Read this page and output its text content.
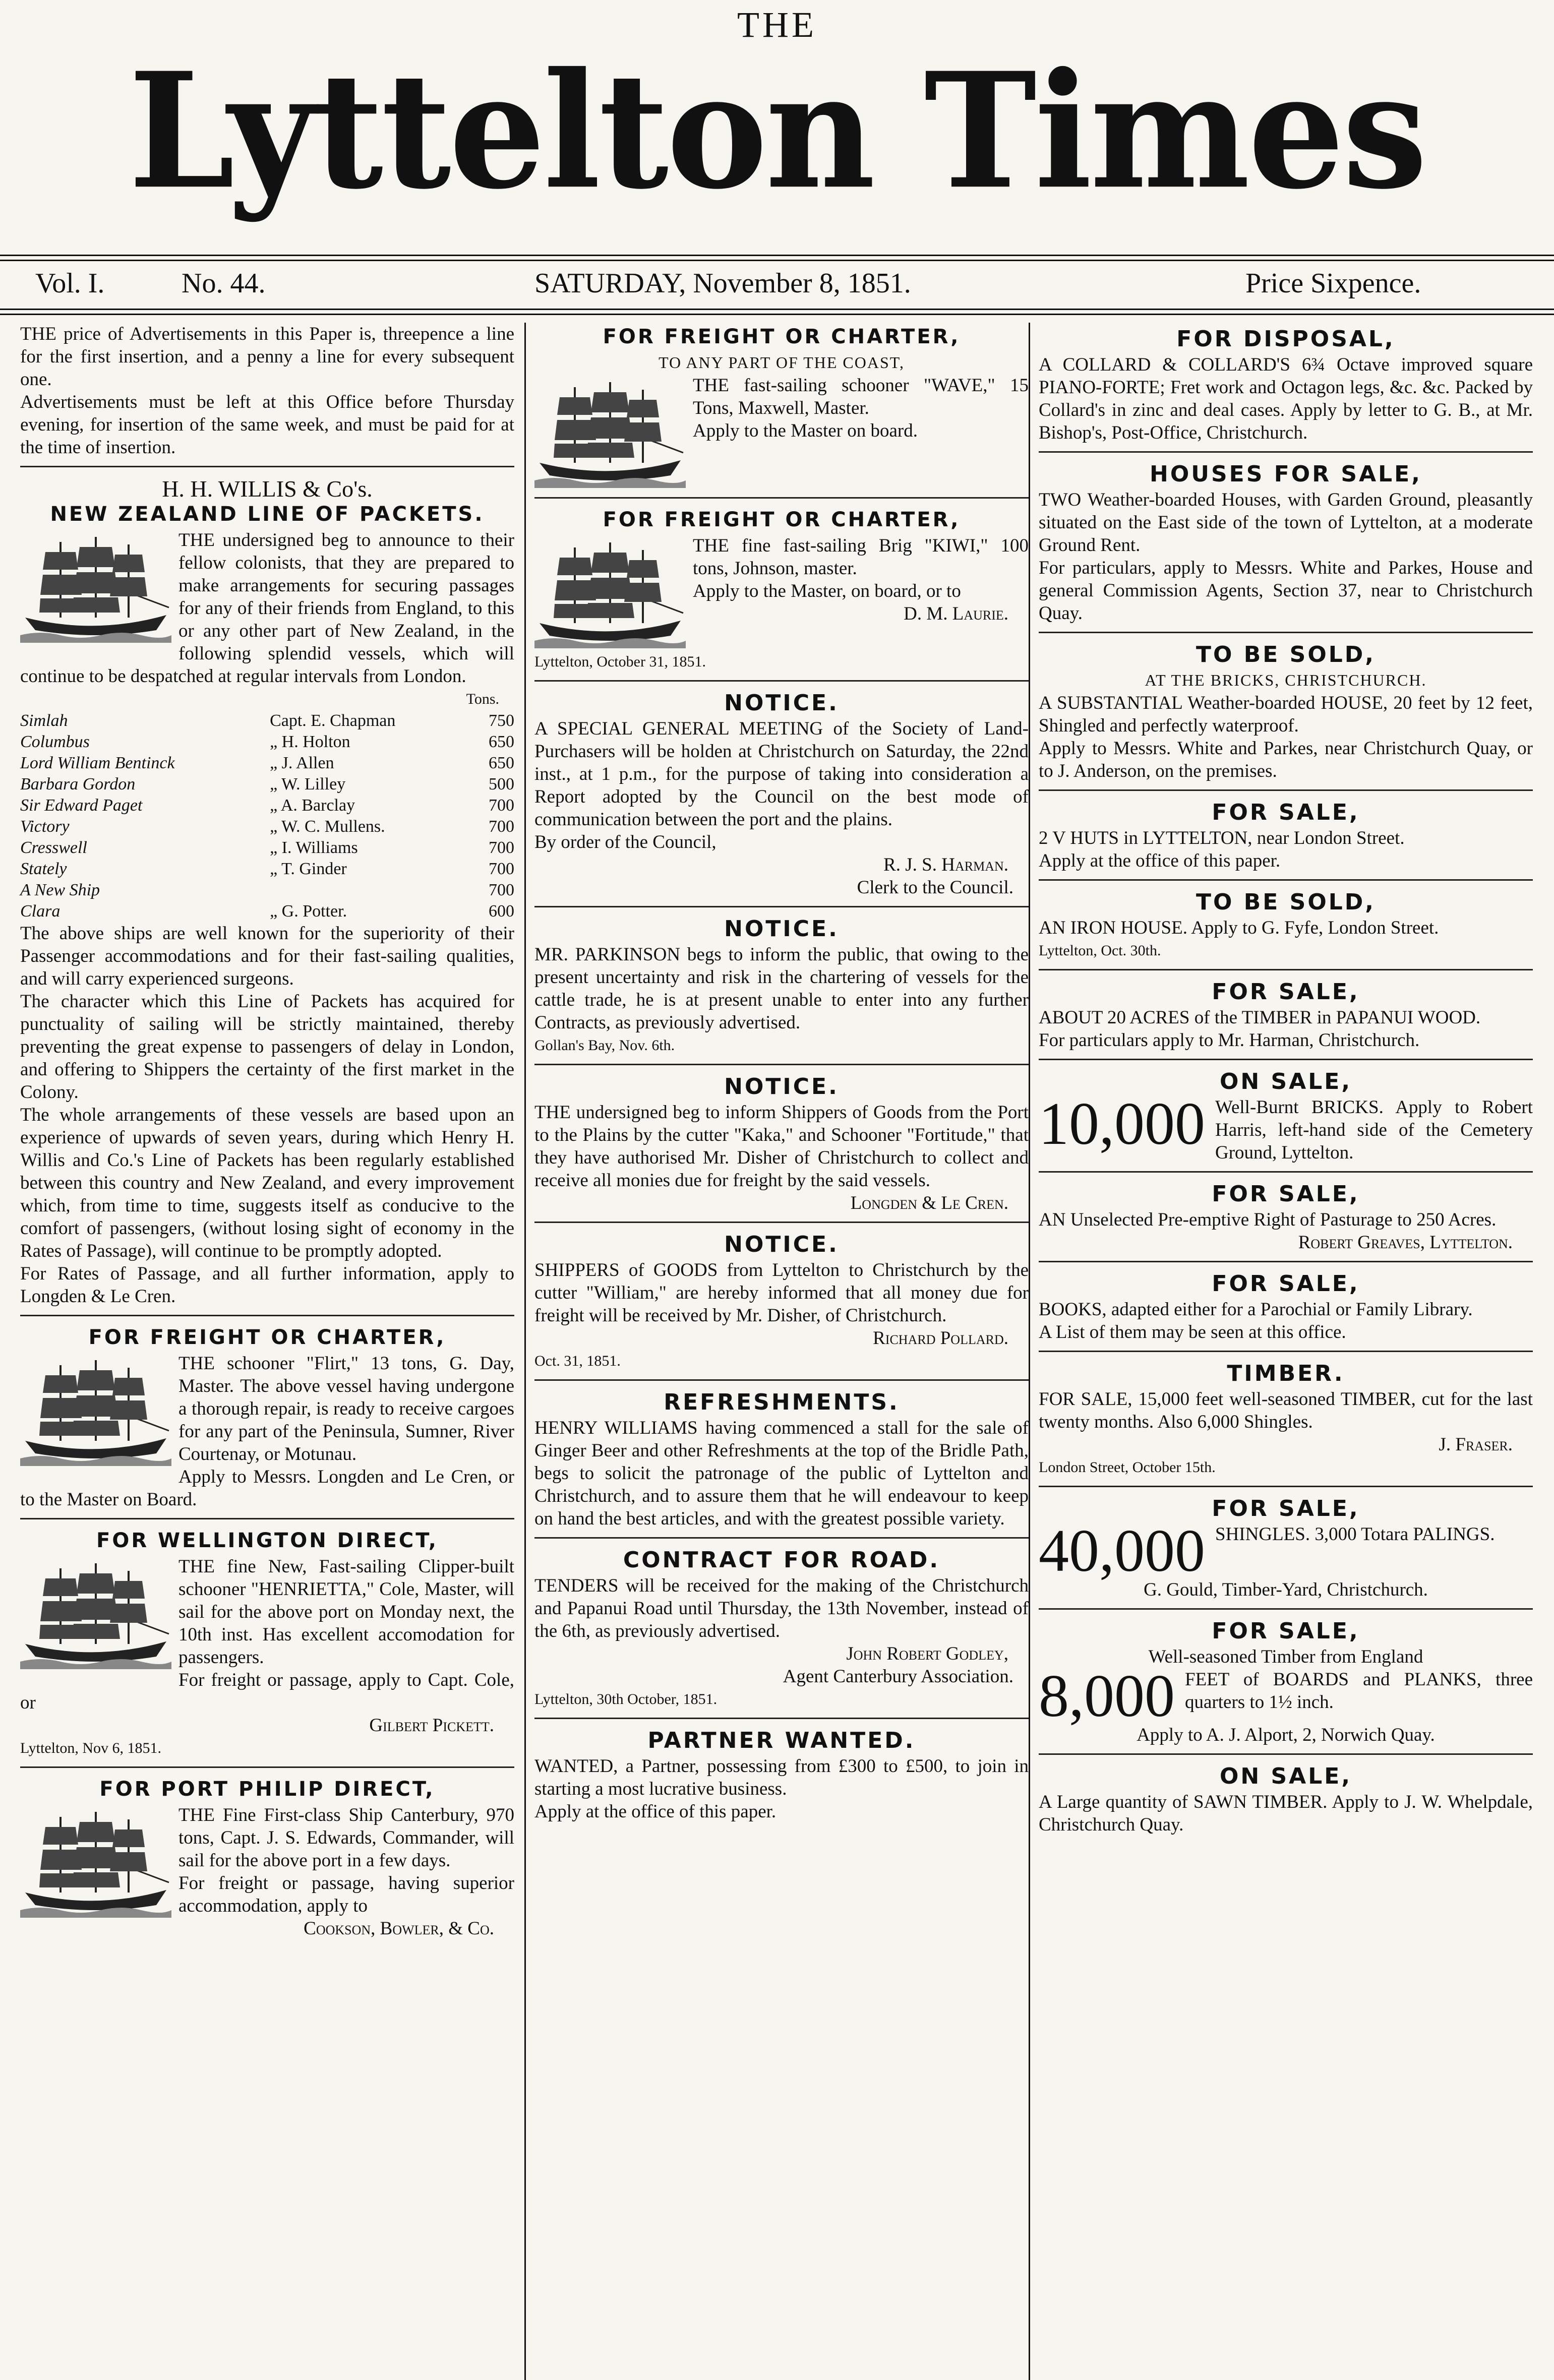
THE
Lyttelton Times
Vol. I.	No. 44.	SATURDAY, November 8, 1851.	Price Sixpence.

THE price of Advertisements in this Paper is, threepence a line for the first insertion, and a penny a line for every subsequent one.

Advertisements must be left at this Office before Thursday evening, for insertion of the same week, and must be paid for at the time of insertion.

H. H. WILLIS & Co's.
NEW ZEALAND LINE OF PACKETS.

THE undersigned beg to announce to their fellow colonists, that they are prepared to make arrangements for securing passages for any of their friends from England, to this or any other part of New Zealand, in the following splendid vessels, which will continue to be despatched at regular intervals from London.

Tons.
Simlah	Capt. E. Chapman	750
Columbus	„ H. Holton	650
Lord William Bentinck	„ J. Allen	650
Barbara Gordon	„ W. Lilley	500
Sir Edward Paget	„ A. Barclay	700
Victory	„ W. C. Mullens.	700
Cresswell	„ I. Williams	700
Stately	„ T. Ginder	700
A New Ship		700
Clara	„ G. Potter.	600

The above ships are well known for the superiority of their Passenger accommodations and for their fast-sailing qualities, and will carry experienced surgeons.

The character which this Line of Packets has acquired for punctuality of sailing will be strictly maintained, thereby preventing the great expense to passengers of delay in London, and offering to Shippers the certainty of the first market in the Colony.

The whole arrangements of these vessels are based upon an experience of upwards of seven years, during which Henry H. Willis and Co.'s Line of Packets has been regularly established between this country and New Zealand, and every improvement which, from time to time, suggests itself as conducive to the comfort of passengers, (without losing sight of economy in the Rates of Passage), will continue to be promptly adopted.

For Rates of Passage, and all further information, apply to Longden & Le Cren.

FOR FREIGHT OR CHARTER,

THE schooner "Flirt," 13 tons, G. Day, Master. The above vessel having undergone a thorough repair, is ready to receive cargoes for any part of the Peninsula, Sumner, River Courtenay, or Motunau.

Apply to Messrs. Longden and Le Cren, or to the Master on Board.

FOR WELLINGTON DIRECT,

THE fine New, Fast-sailing Clipper-built schooner "HENRIETTA," Cole, Master, will sail for the above port on Monday next, the 10th inst. Has excellent accomodation for passengers.

For freight or passage, apply to Capt. Cole, or

Gilbert Pickett.
Lyttelton, Nov 6, 1851.
FOR PORT PHILIP DIRECT,

THE Fine First-class Ship Canterbury, 970 tons, Capt. J. S. Edwards, Commander, will sail for the above port in a few days.

For freight or passage, having superior accommodation, apply to

Cookson, Bowler, & Co.
FOR FREIGHT OR CHARTER,
TO ANY PART OF THE COAST,

THE fast-sailing schooner "WAVE," 15 Tons, Maxwell, Master.

Apply to the Master on board.

FOR FREIGHT OR CHARTER,

THE fine fast-sailing Brig "KIWI," 100 tons, Johnson, master.

Apply to the Master, on board, or to

D. M. Laurie.
Lyttelton, October 31, 1851.
NOTICE.

A SPECIAL GENERAL MEETING of the Society of Land-Purchasers will be holden at Christchurch on Saturday, the 22nd inst., at 1 p.m., for the purpose of taking into consideration a Report adopted by the Council on the best mode of communication between the port and the plains.

By order of the Council,

R. J. S. Harman.
Clerk to the Council.
NOTICE.

MR. PARKINSON begs to inform the public, that owing to the present uncertainty and risk in the chartering of vessels for the cattle trade, he is at present unable to enter into any further Contracts, as previously advertised.

Gollan's Bay, Nov. 6th.
NOTICE.

THE undersigned beg to inform Shippers of Goods from the Port to the Plains by the cutter "Kaka," and Schooner "Fortitude," that they have authorised Mr. Disher of Christchurch to collect and receive all monies due for freight by the said vessels.

Longden & Le Cren.
NOTICE.

SHIPPERS of GOODS from Lyttelton to Christchurch by the cutter "William," are hereby informed that all money due for freight will be received by Mr. Disher, of Christchurch.

Richard Pollard.
Oct. 31, 1851.
REFRESHMENTS.

HENRY WILLIAMS having commenced a stall for the sale of Ginger Beer and other Refreshments at the top of the Bridle Path, begs to solicit the patronage of the public of Lyttelton and Christchurch, and to assure them that he will endeavour to keep on hand the best articles, and with the greatest possible variety.

CONTRACT FOR ROAD.

TENDERS will be received for the making of the Christchurch and Papanui Road until Thursday, the 13th November, instead of the 6th, as previously advertised.

John Robert Godley,
Agent Canterbury Association.
Lyttelton, 30th October, 1851.
PARTNER WANTED.

WANTED, a Partner, possessing from £300 to £500, to join in starting a most lucrative business.

Apply at the office of this paper.

FOR DISPOSAL,

A COLLARD & COLLARD'S 6¾ Octave improved square PIANO-FORTE; Fret work and Octagon legs, &c. &c. Packed by Collard's in zinc and deal cases. Apply by letter to G. B., at Mr. Bishop's, Post-Office, Christchurch.

HOUSES FOR SALE,

TWO Weather-boarded Houses, with Garden Ground, pleasantly situated on the East side of the town of Lyttelton, at a moderate Ground Rent.

For particulars, apply to Messrs. White and Parkes, House and general Commission Agents, Section 37, near to Christchurch Quay.

TO BE SOLD,
AT THE BRICKS, CHRISTCHURCH.

A SUBSTANTIAL Weather-boarded HOUSE, 20 feet by 12 feet, Shingled and perfectly waterproof.

Apply to Messrs. White and Parkes, near Christchurch Quay, or to J. Anderson, on the premises.

FOR SALE,

2 V HUTS in LYTTELTON, near London Street.

Apply at the office of this paper.

TO BE SOLD,

AN IRON HOUSE. Apply to G. Fyfe, London Street.

Lyttelton, Oct. 30th.
FOR SALE,

ABOUT 20 ACRES of the TIMBER in PAPANUI WOOD.

For particulars apply to Mr. Harman, Christchurch.

ON SALE,
10,000 Well-Burnt BRICKS. Apply to Robert Harris, left-hand side of the Cemetery Ground, Lyttelton.

FOR SALE,

AN Unselected Pre-emptive Right of Pasturage to 250 Acres.

Robert Greaves, Lyttelton.
FOR SALE,

BOOKS, adapted either for a Parochial or Family Library.

A List of them may be seen at this office.

TIMBER.

FOR SALE, 15,000 feet well-seasoned TIMBER, cut for the last twenty months. Also 6,000 Shingles.

J. Fraser.
London Street, October 15th.
FOR SALE,
40,000 SHINGLES. 3,000 Totara PALINGS.

G. Gould, Timber-Yard, Christchurch.
FOR SALE,
Well-seasoned Timber from England
8,000 FEET of BOARDS and PLANKS, three quarters to 1½ inch.

Apply to A. J. Alport, 2, Norwich Quay.
ON SALE,

A Large quantity of SAWN TIMBER. Apply to J. W. Whelpdale, Christchurch Quay.
